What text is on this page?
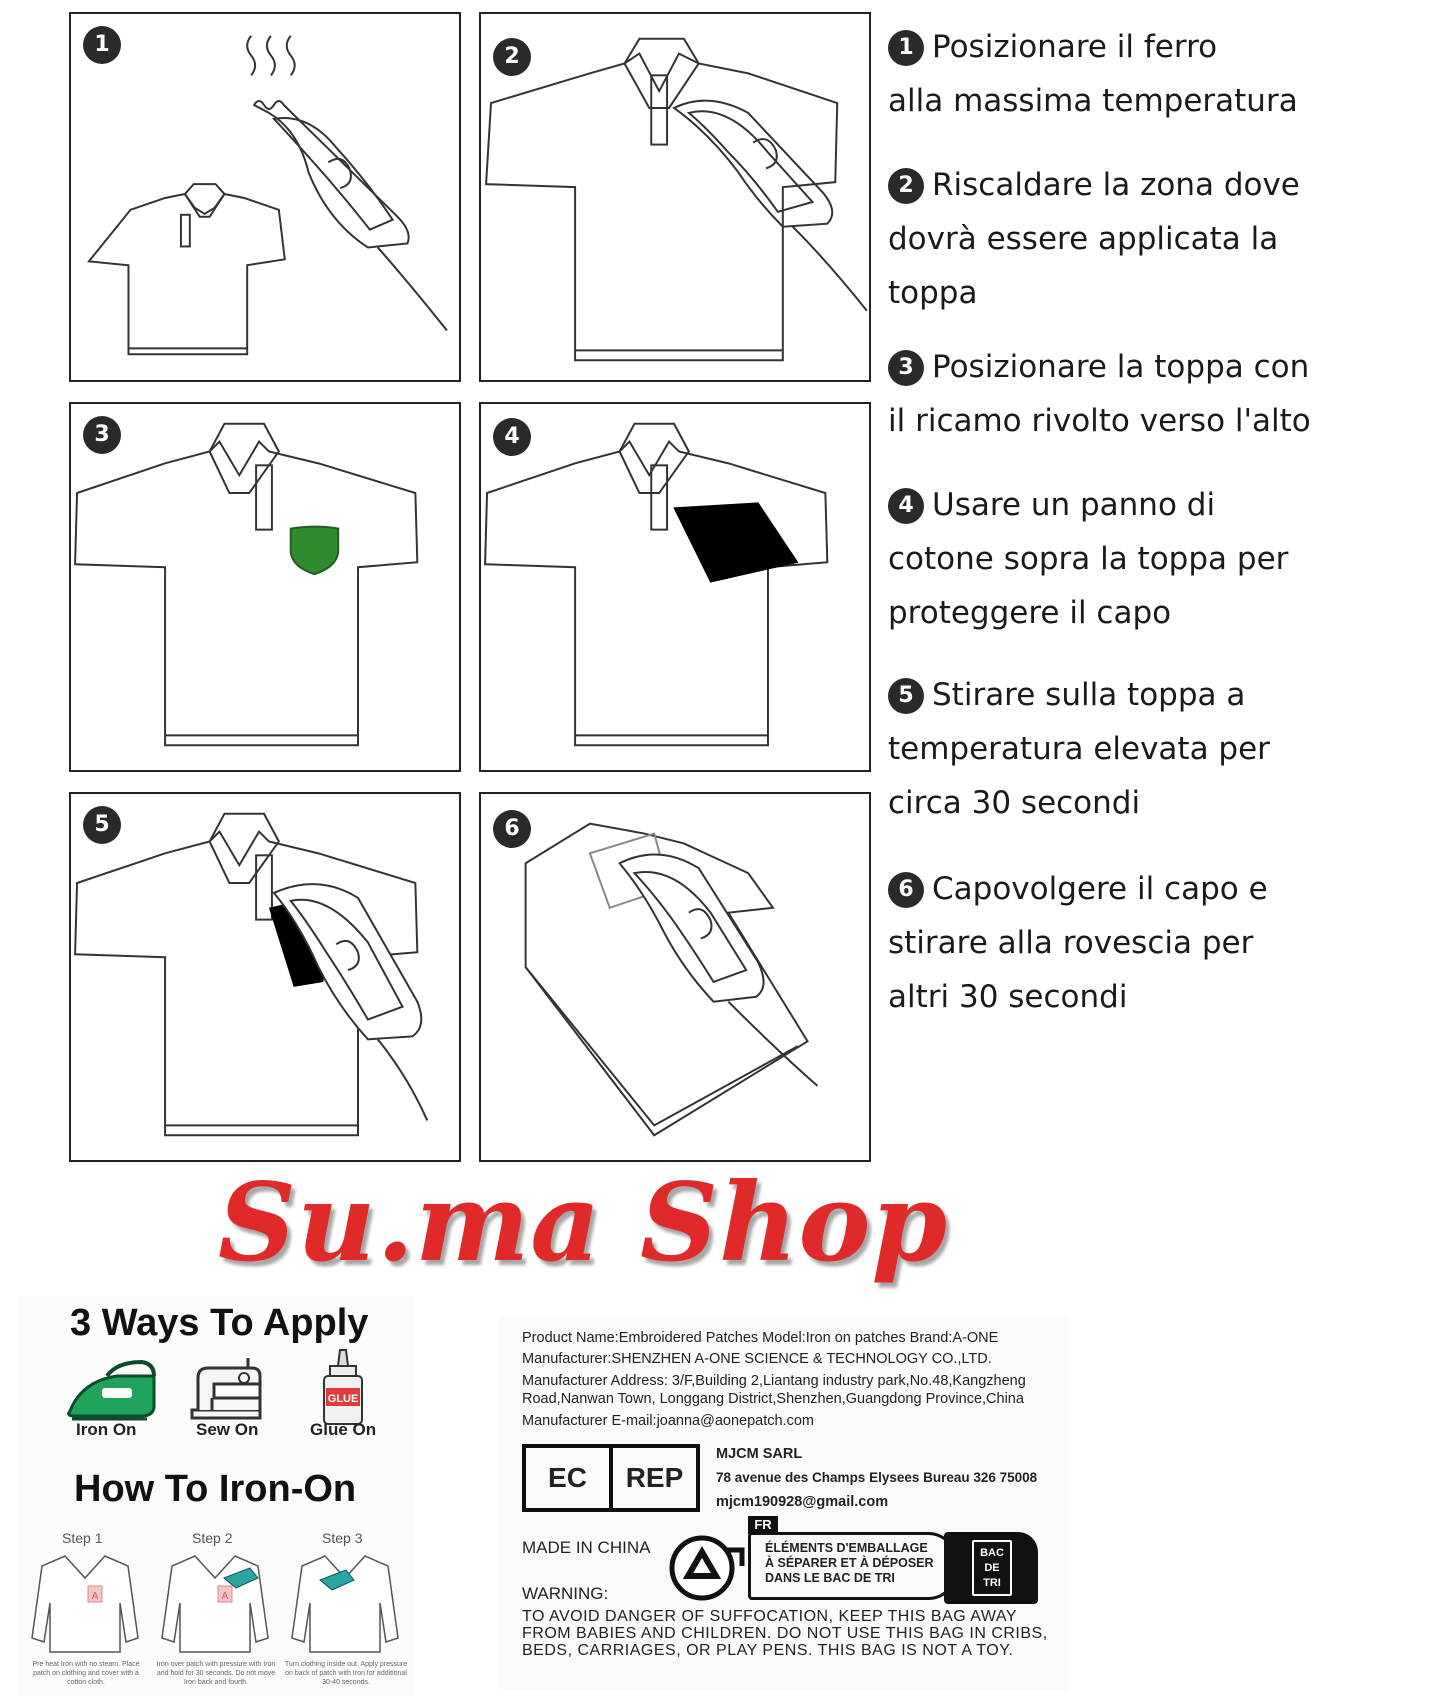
1	2
3	4
5	6
1 Posizionare il ferro
alla massima temperatura
2 Riscaldare la zona dove
dovrà essere applicata la
toppa
3 Posizionare la toppa con
il ricamo rivolto verso l'alto
4 Usare un panno di
cotone sopra la toppa per
proteggere il capo
5 Stirare sulla toppa a
temperatura elevata per
circa 30 secondi
6 Capovolgere il capo e
stirare alla rovescia per
altri 30 secondi
Su.ma Shop
3 Ways To Apply
GLUE
Iron On	Sew On	Glue On
How To Iron-On
Step 1	Step 2	Step 3
A	A
Pre heat Iron with no steam. Place patch on clothing and cover with a cotton cloth.
Iron over patch with pressure with Iron and hold for 30 seconds. Do not move Iron back and fourth.
Turn clothing inside out. Apply pressure on back of patch with Iron for additional 30-40 seconds.
Product Name:Embroidered Patches Model:Iron on patches Brand:A-ONE
Manufacturer:SHENZHEN A-ONE SCIENCE & TECHNOLOGY CO.,LTD.
Manufacturer Address: 3/F,Building 2,Liantang industry park,No.48,Kangzheng
Road,Nanwan Town, Longgang District,Shenzhen,Guangdong Province,China
Manufacturer E-mail:joanna@aonepatch.com
EC	REP
MJCM SARL
78 avenue des Champs Elysees Bureau 326 75008
mjcm190928@gmail.com
MADE IN CHINA
FR
ÉLÉMENTS D'EMBALLAGE
À SÉPARER ET À DÉPOSER
DANS LE BAC DE TRI
BAC
DE
TRI
WARNING:
TO AVOID DANGER OF SUFFOCATION, KEEP THIS BAG AWAY
FROM BABIES AND CHILDREN. DO NOT USE THIS BAG IN CRIBS,
BEDS, CARRIAGES, OR PLAY PENS. THIS BAG IS NOT A TOY.
